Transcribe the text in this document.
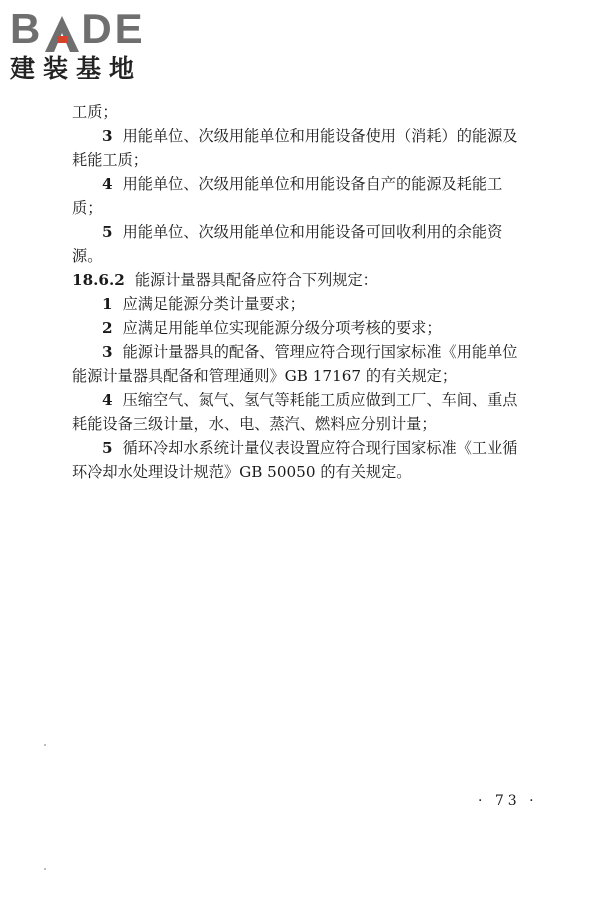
B DE
建装基地

工质；

3 用能单位、次级用能单位和用能设备使用（消耗）的能源及耗能工质；

4 用能单位、次级用能单位和用能设备自产的能源及耗能工质；

5 用能单位、次级用能单位和用能设备可回收利用的余能资源。

18.6.2 能源计量器具配备应符合下列规定：

1 应满足能源分类计量要求；

2 应满足用能单位实现能源分级分项考核的要求；

3 能源计量器具的配备、管理应符合现行国家标准《用能单位能源计量器具配备和管理通则》GB 17167 的有关规定；

4 压缩空气、氮气、氢气等耗能工质应做到工厂、车间、重点耗能设备三级计量，水、电、蒸汽、燃料应分别计量；

5 循环冷却水系统计量仪表设置应符合现行国家标准《工业循环冷却水处理设计规范》GB 50050 的有关规定。

· 73 ·
